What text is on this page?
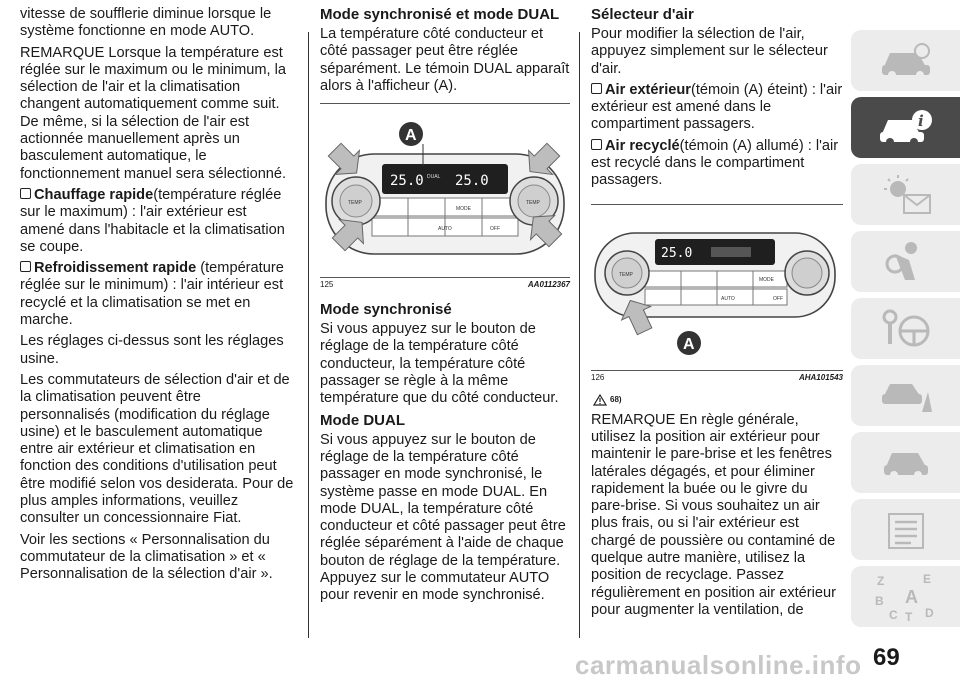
vitesse de soufflerie diminue lorsque le système fonctionne en mode AUTO.

REMARQUE Lorsque la température est réglée sur le maximum ou le minimum, la sélection de l'air et la climatisation changent automatiquement comme suit. De même, si la sélection de l'air est actionnée manuellement après un basculement automatique, le fonctionnement manuel sera sélectionné.

Chauffage rapide(température réglée sur le maximum) : l'air extérieur est amené dans l'habitacle et la climatisation se coupe.

Refroidissement rapide (température réglée sur le minimum) : l'air intérieur est recyclé et la climatisation se met en marche.

Les réglages ci-dessus sont les réglages usine.

Les commutateurs de sélection d'air et de la climatisation peuvent être personnalisés (modification du réglage usine) et le basculement automatique entre air extérieur et climatisation en fonction des conditions d'utilisation peut être modifié selon vos desiderata. Pour de plus amples informations, veuillez consulter un concessionnaire Fiat.

Voir les sections « Personnalisation du commutateur de la climatisation » et « Personnalisation de la sélection d'air ».

Mode synchronisé et mode DUAL

La température côté conducteur et côté passager peut être réglée séparément. Le témoin DUAL apparaît alors à l'afficheur (A).

25.0 25.0
DUAL
MODE
AUTO	OFF
TEMP	TEMP
A
125	AA0112367

Mode synchronisé

Si vous appuyez sur le bouton de réglage de la température côté conducteur, la température côté passager se règle à la même température que du côté conducteur.

Mode DUAL

Si vous appuyez sur le bouton de réglage de la température côté passager en mode synchronisé, le système passe en mode DUAL. En mode DUAL, la température côté conducteur et côté passager peut être réglée séparément à l'aide de chaque bouton de réglage de la température. Appuyez sur le commutateur AUTO pour revenir en mode synchronisé.

Sélecteur d'air

Pour modifier la sélection de l'air, appuyez simplement sur le sélecteur d'air.

Air extérieur(témoin (A) éteint) : l'air extérieur est amené dans le compartiment passagers.

Air recyclé(témoin (A) allumé) : l'air est recyclé dans le compartiment passagers.

25.0
MODE
AUTO	OFF
TEMP
A
126	AHA101543
68)

REMARQUE En règle générale, utilisez la position air extérieur pour maintenir le pare-brise et les fenêtres latérales dégagés, et pour éliminer rapidement la buée ou le givre du pare-brise. Si vous souhaitez un air plus frais, ou si l'air extérieur est chargé de poussière ou contaminé de quelque autre manière, utilisez la position de recyclage. Passez régulièrement en position air extérieur pour augmenter la ventilation, de

i
Z	E
B A
C T D
carmanualsonline.info 69
